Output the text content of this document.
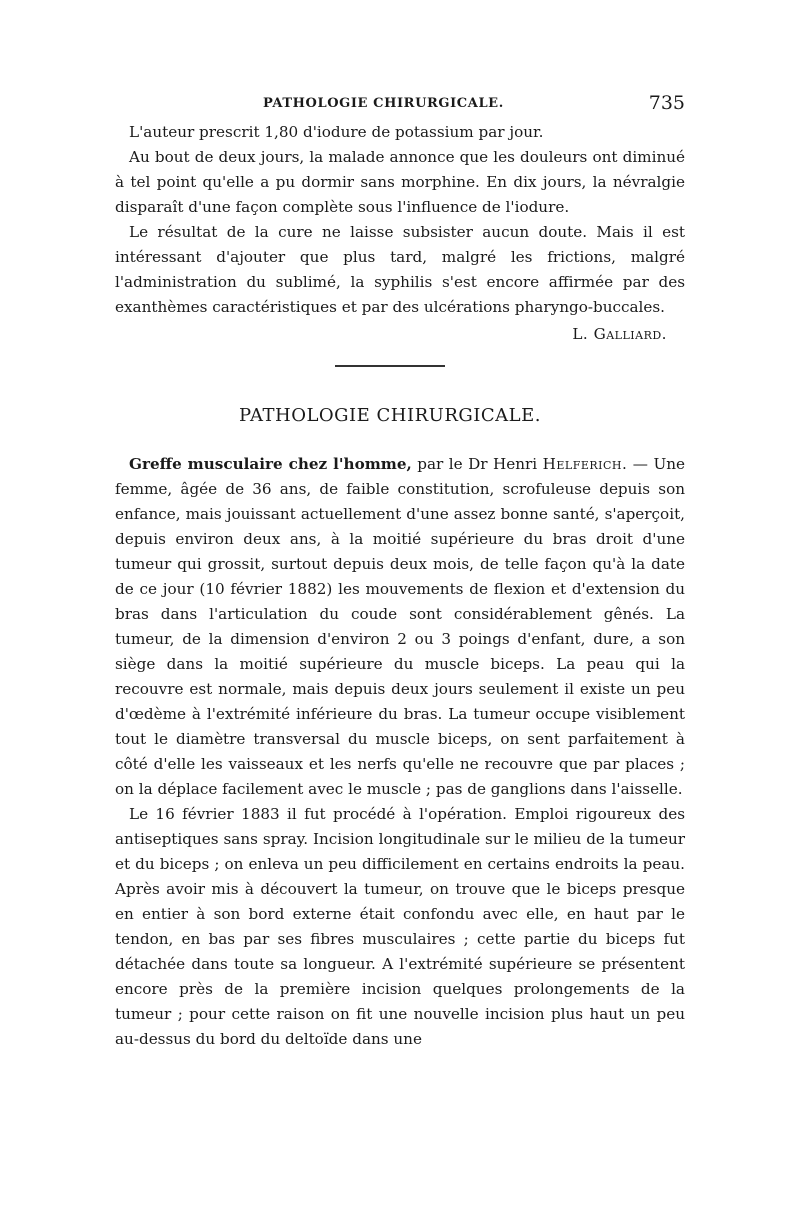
PATHOLOGIE CHIRURGICALE.	735

L'auteur prescrit 1,80 d'iodure de potassium par jour.

Au bout de deux jours, la malade annonce que les douleurs ont diminué à tel point qu'elle a pu dormir sans morphine. En dix jours, la névralgie disparaît d'une façon complète sous l'influence de l'iodure.

Le résultat de la cure ne laisse subsister aucun doute. Mais il est intéressant d'ajouter que plus tard, malgré les frictions, malgré l'administration du sublimé, la syphilis s'est encore affirmée par des exanthèmes caractéristiques et par des ulcérations pharyngo-buccales.

L. Galliard.
PATHOLOGIE CHIRURGICALE.

Greffe musculaire chez l'homme, par le Dr Henri Helferich. — Une femme, âgée de 36 ans, de faible constitution, scrofuleuse depuis son enfance, mais jouissant actuellement d'une assez bonne santé, s'aperçoit, depuis environ deux ans, à la moitié supérieure du bras droit d'une tumeur qui grossit, surtout depuis deux mois, de telle façon qu'à la date de ce jour (10 février 1882) les mouvements de flexion et d'extension du bras dans l'articulation du coude sont considérablement gênés. La tumeur, de la dimension d'environ 2 ou 3 poings d'enfant, dure, a son siège dans la moitié supérieure du muscle biceps. La peau qui la recouvre est normale, mais depuis deux jours seulement il existe un peu d'œdème à l'extrémité inférieure du bras. La tumeur occupe visiblement tout le diamètre transversal du muscle biceps, on sent parfaitement à côté d'elle les vaisseaux et les nerfs qu'elle ne recouvre que par places ; on la déplace facilement avec le muscle ; pas de ganglions dans l'aisselle.

Le 16 février 1883 il fut procédé à l'opération. Emploi rigoureux des antiseptiques sans spray. Incision longitudinale sur le milieu de la tumeur et du biceps ; on enleva un peu difficilement en certains endroits la peau. Après avoir mis à découvert la tumeur, on trouve que le biceps presque en entier à son bord externe était confondu avec elle, en haut par le tendon, en bas par ses fibres musculaires ; cette partie du biceps fut détachée dans toute sa longueur. A l'extrémité supérieure se présentent encore près de la première incision quelques prolongements de la tumeur ; pour cette raison on fit une nouvelle incision plus haut un peu au-dessus du bord du deltoïde dans une
